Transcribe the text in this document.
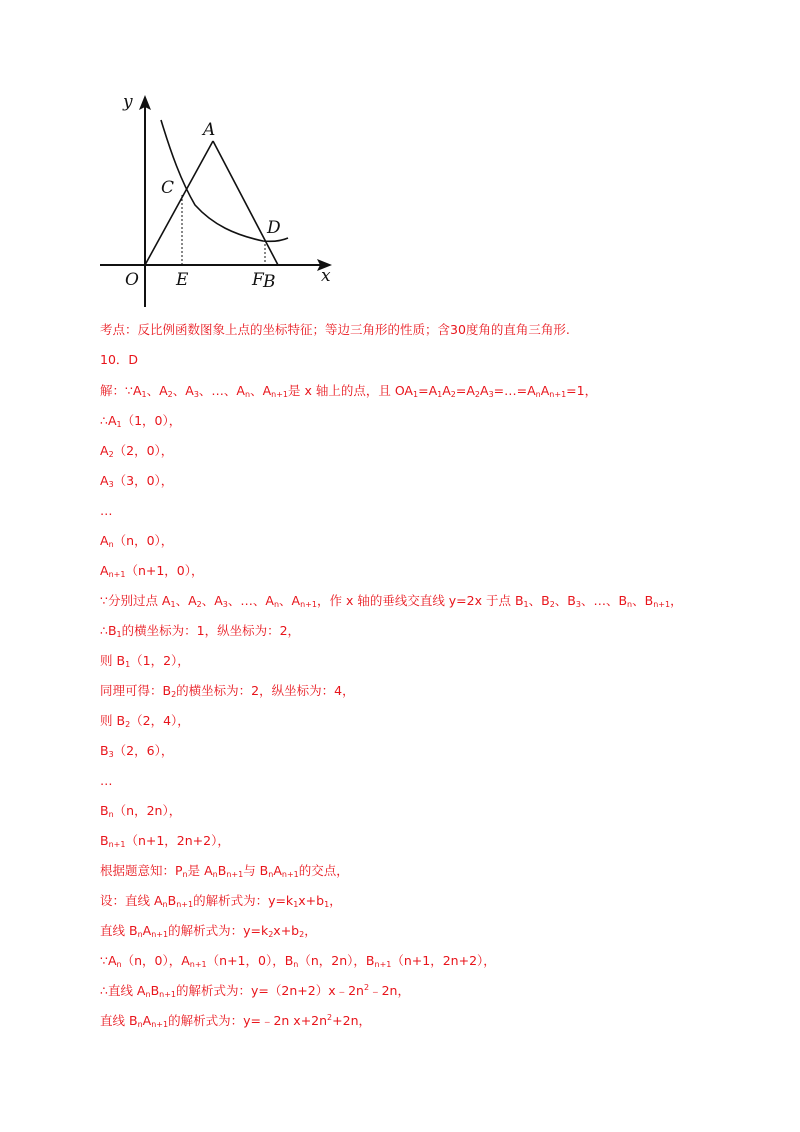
y
x
O
A
C
D
E	F B
考点：反比例函数图象上点的坐标特征；等边三角形的性质；含30度角的直角三角形.
10．D
解：$\because A_1$、$A_2$、$A_3$、…、$A_n$、$A_{n+1}$是 x 轴上的点，且 $OA_1=A_1A_2=A_2A_3=\dots=A_nA_{n+1}=1$，
$\therefore A_1(1$，0），
$A_2(2$，0），
$A_3(3$，0），
…
$A_n(n$，0），
$A_{n+1}(n+1$，0），
∵分别过点 $A_1$、$A_2$、$A_3$、…、$A_n$、$A_{n+1}$，作 x 轴的垂线交直线 y=2x 于点 $B_1$、$B_2$、$B_3$、…、$B_n$、$B_{n+1}$，
$\therefore B_1$的横坐标为：1，纵坐标为：2，
则 $B_1(1$，2），
同理可得：$B_2$的横坐标为：2，纵坐标为：4，
则 $B_2(2$，4），
$B_3(2$，6），
…
$B_n(n$，2n），
$B_{n+1}(n+1$，2n+2），
根据题意知：$P_n$是 $A_nB_{n+1}$与 $B_nA_{n+1}$的交点，
设：直线 $A_nB_{n+1}$的解析式为：$y=k_1x+b_1$，
直线 $B_nA_{n+1}$的解析式为：$y=k_2x+b_2$，
$\because A_n(n$，0），$A_{n+1}(n+1$，0），$B_n(n$，2n），$B_{n+1}(n+1$，2n+2），
∴直线 $A_nB_{n+1}$的解析式为：$y=(2n+2)x﹣2n^2﹣2n$，
直线 $B_nA_{n+1}$的解析式为：y=﹣2n $x+2n^2+2n$，
